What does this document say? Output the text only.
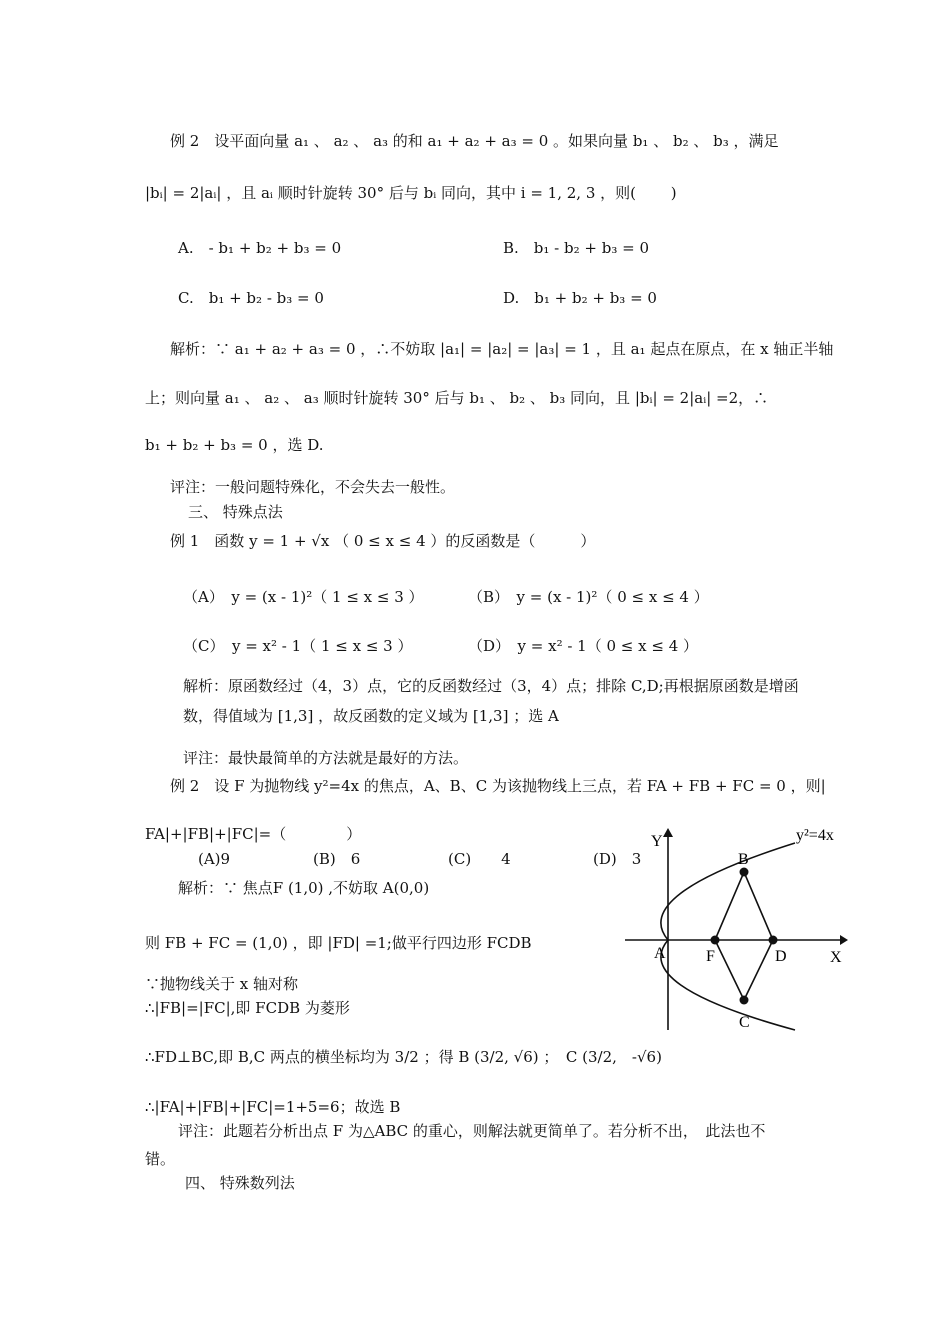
例 2　设平面向量 a₁ 、 a₂ 、 a₃ 的和 a₁ + a₂ + a₃ = 0 。如果向量 b₁ 、 b₂ 、 b₃ ，满足
|bᵢ| = 2|aᵢ| ，且 aᵢ 顺时针旋转 30° 后与 bᵢ 同向，其中 i = 1, 2, 3 ，则(　　 )
A.　- b₁ + b₂ + b₃ = 0	B.　b₁ - b₂ + b₃ = 0
C.　b₁ + b₂ - b₃ = 0	D.　b₁ + b₂ + b₃ = 0
解析：∵ a₁ + a₂ + a₃ = 0 ，∴不妨取 |a₁| = |a₂| = |a₃| = 1 ，且 a₁ 起点在原点，在 x 轴正半轴
上；则向量 a₁ 、 a₂ 、 a₃ 顺时针旋转 30° 后与 b₁ 、 b₂ 、 b₃ 同向，且 |bᵢ| = 2|aᵢ| =2，∴
b₁ + b₂ + b₃ = 0 ，选 D.
评注：一般问题特殊化，不会失去一般性。
三、 特殊点法
例 1　函数 y = 1 + √x （ 0 ≤ x ≤ 4 ）的反函数是（　　　）
（A）　y = (x - 1)²（ 1 ≤ x ≤ 3 ）	（B）　y = (x - 1)²（ 0 ≤ x ≤ 4 ）
（C）　y = x² - 1（ 1 ≤ x ≤ 3 ）	（D）　y = x² - 1（ 0 ≤ x ≤ 4 ）
解析：原函数经过（4，3）点，它的反函数经过（3，4）点；排除 C,D;再根据原函数是增函
数，得值域为 [1,3] ，故反函数的定义域为 [1,3] ；选 A
评注：最快最简单的方法就是最好的方法。
例 2　设 F 为抛物线 y²=4x 的焦点，A、B、C 为该抛物线上三点，若 FA + FB + FC = 0 ，则|
FA|+|FB|+|FC|=（　　　　）
(A)9	(B)　6	(C)　　4	(D)　3
解析：∵ 焦点F (1,0) ,不妨取 A(0,0)
则 FB + FC = (1,0) ，即 |FD| =1;做平行四边形 FCDB
∵抛物线关于 x 轴对称
∴|FB|=|FC|,即 FCDB 为菱形
∴FD⊥BC,即 B,C 两点的横坐标均为 3/2 ；得 B (3/2, √6) ；　C (3/2,　-√6)
∴|FA|+|FB|+|FC|=1+5=6；故选 B
评注：此题若分析出点 F 为△ABC 的重心，则解法就更简单了。若分析不出，　此法也不
错。
四、 特殊数列法
Y
X
y²=4x
A
B
F	D
C
